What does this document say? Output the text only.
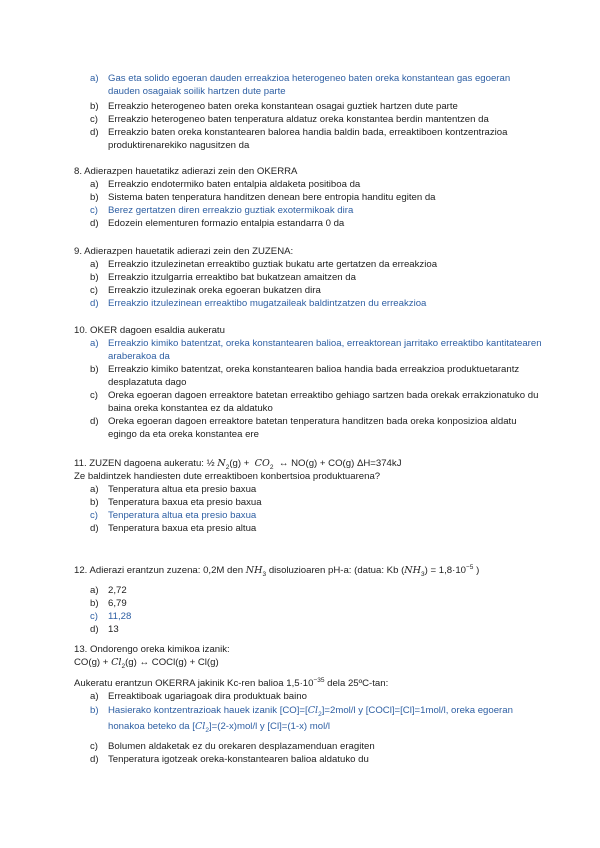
a) Gas eta solido egoeran dauden erreakzioa heterogeneo baten oreka konstantean gas egoeran dauden osagaiak soilik hartzen dute parte
b) Erreakzio heterogeneo baten oreka konstantean osagai guztiek hartzen dute parte
c) Erreakzio heterogeneo baten tenperatura aldatuz oreka konstantea berdin mantentzen da
d) Erreakzio baten oreka konstantearen balorea handia baldin bada, erreaktiboen kontzentrazioa produktirenarekiko nagusitzen da
8. Adierazpen hauetatikz adierazi zein den OKERRA
a) Erreakzio endotermiko baten entalpia aldaketa positiboa da
b) Sistema baten tenperatura handitzen denean bere entropia handitu egiten da
c) Berez gertatzen diren erreakzio guztiak exotermikoak dira
d) Edozein elementuren formazio entalpia estandarra 0 da
9. Adierazpen hauetatik adierazi zein den ZUZENA:
a) Erreakzio itzulezinetan erreaktibo guztiak bukatu arte gertatzen da erreakzioa
b) Erreakzio itzulgarria erreaktibo bat bukatzean amaitzen da
c) Erreakzio itzulezinak oreka egoeran bukatzen dira
d) Erreakzio itzulezinean erreaktibo mugatzaileak baldintzatzen du erreakzioa
10. OKER dagoen esaldia aukeratu
a) Erreakzio kimiko batentzat, oreka konstantearen balioa, erreaktorean jarritako erreaktibo kantitatearen araberakoa da
b) Erreakzio kimiko batentzat, oreka konstantearen balioa handia bada erreakzioa produktuetarantz desplazatuta dago
c) Oreka egoeran dagoen erreaktore batetan erreaktibo gehiago sartzen bada orekak errakzionatuko du baina oreka konstantea ez da aldatuko
d) Oreka egoeran dagoen erreaktore batetan tenperatura handitzen bada oreka konposizioa aldatu egingo da eta oreka konstantea ere
11. ZUZEN dagoena aukeratu: ½ $N_2(g) + CO_2$ ↔ NO(g) + CO(g) ΔH=374kJ
Ze baldintzek handiesten dute erreaktiboen konbertsioa produktuarena?
a) Tenperatura altua eta presio baxua
b) Tenperatura baxua eta presio baxua
c) Tenperatura altua eta presio baxua
d) Tenperatura baxua eta presio altua
12. Adierazi erantzun zuzena: 0,2M den $NH_3$ disoluzioaren pH-a: (datua: Kb $(NH_3) = 1,8\cdot 10^{-5}$ )
a) 2,72
b) 6,79
c) 11,28
d) 13
13. Ondorengo oreka kimikoa izanik:
$CO(g) + Cl_2(g)$ ↔ COCl(g) + Cl(g)
Aukeratu erantzun OKERRA jakinik Kc-ren balioa $1,5\cdot 10^{-35}$ dela 25ºC-tan:
a) Erreaktiboak ugariagoak dira produktuak baino
b) Hasierako kontzentrazioak hauek izanik $[CO]=[Cl_2]=2mol/l$ y [COCl]=[Cl]=1mol/l, oreka egoeran honakoa beteko da $[Cl_2]=(2-x)mol/l$ y [Cl]=(1-x) mol/l
c) Bolumen aldaketak ez du orekaren desplazamenduan eragiten
d) Tenperatura igotzeak oreka-konstantearen balioa aldatuko du
